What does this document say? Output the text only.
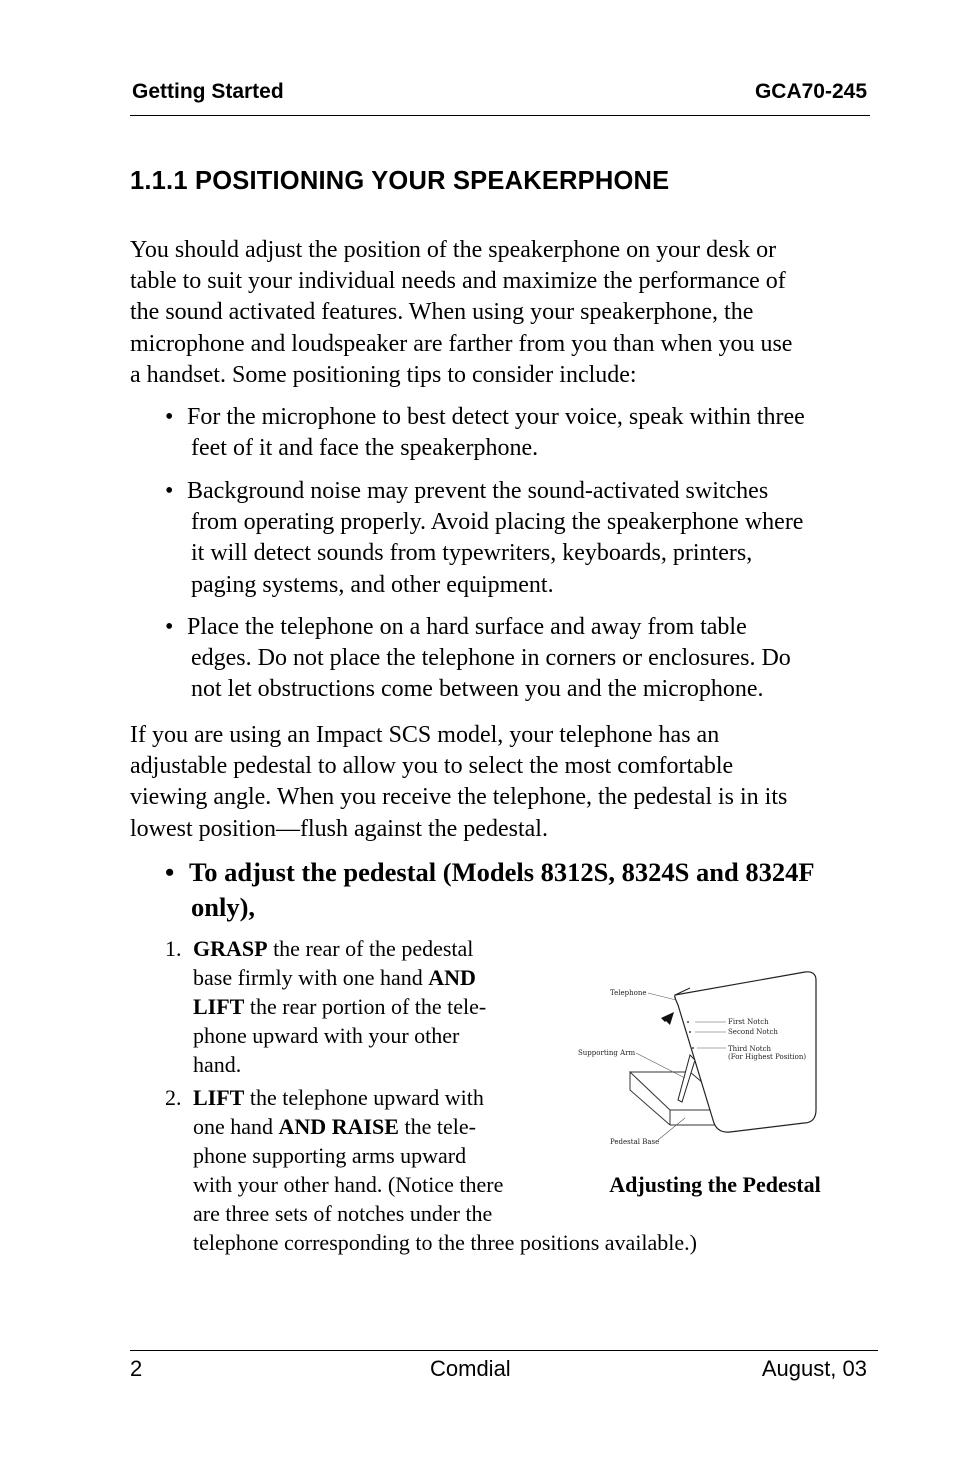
Getting Started	GCA70-245
1.1.1 POSITIONING YOUR SPEAKERPHONE
You should adjust the position of the speakerphone on your desk or
table to suit your individual needs and maximize the performance of
the sound activated features. When using your speakerphone, the
microphone and loudspeaker are farther from you than when you use
a handset. Some positioning tips to consider include:
• For the microphone to best detect your voice, speak within three
feet of it and face the speakerphone.
• Background noise may prevent the sound-activated switches
from operating properly. Avoid placing the speakerphone where
it will detect sounds from typewriters, keyboards, printers,
paging systems, and other equipment.
• Place the telephone on a hard surface and away from table
edges. Do not place the telephone in corners or enclosures. Do
not let obstructions come between you and the microphone.
If you are using an Impact SCS model, your telephone has an
adjustable pedestal to allow you to select the most comfortable
viewing angle. When you receive the telephone, the pedestal is in its
lowest position—flush against the pedestal.
• To adjust the pedestal (Models 8312S, 8324S and 8324F
only),
1. GRASP the rear of the pedestal
base firmly with one hand AND
LIFT the rear portion of the tele-
phone upward with your other
hand.
2. LIFT the telephone upward with
one hand AND RAISE the tele-
phone supporting arms upward
with your other hand. (Notice there
are three sets of notches under the
telephone corresponding to the three positions available.)
Telephone
First Notch
Second Notch
Third Notch
(For Highest Position)
Supporting Arm
Pedestal Base
Adjusting the Pedestal
2	Comdial	August, 03
